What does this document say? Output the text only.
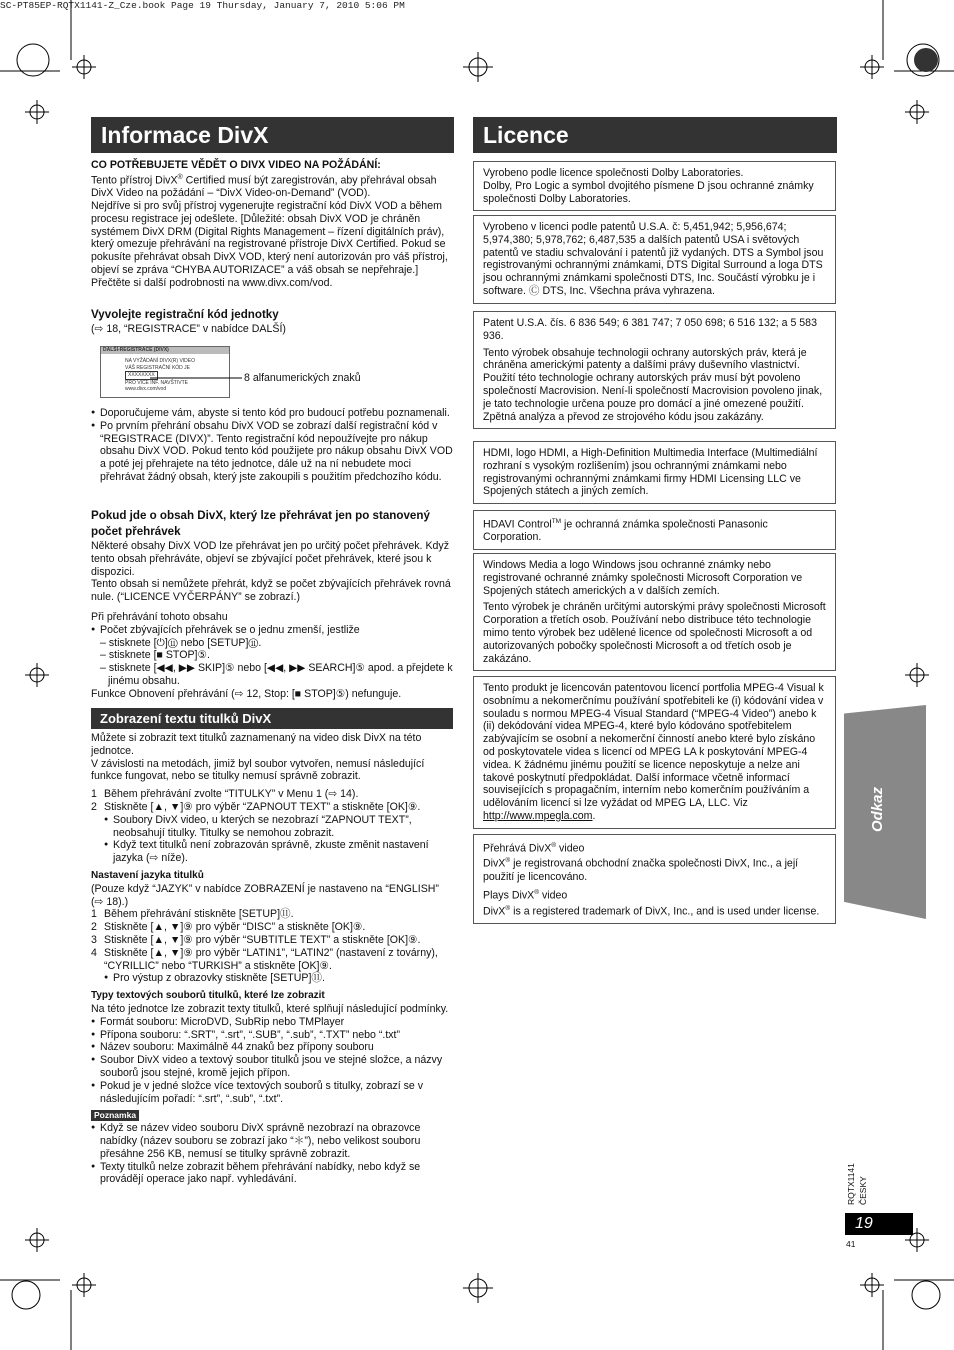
SC-PT85EP-RQTX1141-Z_Cze.book Page 19 Thursday, January 7, 2010 5:06 PM
Informace DivX

CO POTŘEBUJETE VĚDĚT O DIVX VIDEO NA POŽÁDÁNÍ:

Tento přístroj DivX® Certified musí být zaregistrován, aby přehrával obsah DivX Video na požádání – “DivX Video-on-Demand” (VOD).

Nejdříve si pro svůj přístroj vygenerujte registrační kód DivX VOD a během procesu registrace jej odešlete. [Důležité: obsah DivX VOD je chráněn systémem DivX DRM (Digital Rights Management – řízení digitálních práv), který omezuje přehrávání na registrované přístroje DivX Certified. Pokud se pokusíte přehrávat obsah DivX VOD, který není autorizován pro váš přístroj, objeví se zpráva “CHYBA AUTORIZACE” a váš obsah se nepřehraje.]

Přečtěte si další podrobnosti na www.divx.com/vod.

Vyvolejte registrační kód jednotky

(⇨ 18, “REGISTRACE” v nabídce DALŠÍ)

DALŠÍ-REGISTRACE (DIVX)
NA VYŽÁDÁNÍ DIVX(R) VIDEO
VÁŠ REGISTRAČNÍ KÓD JE
XXXXXXXX
PRO VÍCE INF. NAVŠTIVTE
www.divx.com/vod
8 alfanumerických znaků

● Doporučujeme vám, abyste si tento kód pro budoucí potřebu poznamenali.

● Po prvním přehrání obsahu DivX VOD se zobrazí další registrační kód v “REGISTRACE (DIVX)”. Tento registrační kód nepoužívejte pro nákup obsahu DivX VOD. Pokud tento kód použijete pro nákup obsahu DivX VOD a poté jej přehrajete na této jednotce, dále už na ní nebudete moci přehrávat žádný obsah, který jste zakoupili s použitím předchozího kódu.

Pokud jde o obsah DivX, který lze přehrávat jen po stanovený počet přehrávek

Některé obsahy DivX VOD lze přehrávat jen po určitý počet přehrávek. Když tento obsah přehráváte, objeví se zbývající počet přehrávek, které jsou k dispozici.

Tento obsah si nemůžete přehrát, když se počet zbývajících přehrávek rovná nule. (“LICENCE VYČERPÁNY” se zobrazí.)

Při přehrávání tohoto obsahu

● Počet zbývajících přehrávek se o jednu zmenší, jestliže

– stisknete [⏻]⑪ nebo [SETUP]⑪.

– stisknete [■ STOP]⑤.

– stisknete [◀◀, ▶▶ SKIP]⑤ nebo [◀◀, ▶▶ SEARCH]⑤ apod. a přejdete k jinému obsahu.

Funkce Obnovení přehrávání (⇨ 12, Stop: [■ STOP]⑤) nefunguje.

Zobrazení textu titulků DivX

Můžete si zobrazit text titulků zaznamenaný na video disk DivX na této jednotce.

V závislosti na metodách, jimiž byl soubor vytvořen, nemusí následující funkce fungovat, nebo se titulky nemusí správně zobrazit.

1 Během přehrávání zvolte “TITULKY” v Menu 1 (⇨ 14).

2 Stiskněte [▲, ▼]⑨ pro výběr “ZAPNOUT TEXT” a stiskněte [OK]⑨.

● Soubory DivX video, u kterých se nezobrazí “ZAPNOUT TEXT”, neobsahují titulky. Titulky se nemohou zobrazit.

● Když text titulků není zobrazován správně, zkuste změnit nastavení jazyka (⇨ níže).

Nastavení jazyka titulků

(Pouze když “JAZYK” v nabídce ZOBRAZENÍ je nastaveno na “ENGLISH” (⇨ 18).)

1 Během přehrávání stiskněte [SETUP]⑪.

2 Stiskněte [▲, ▼]⑨ pro výběr “DISC” a stiskněte [OK]⑨.

3 Stiskněte [▲, ▼]⑨ pro výběr “SUBTITLE TEXT” a stiskněte [OK]⑨.

4 Stiskněte [▲, ▼]⑨ pro výběr “LATIN1”, “LATIN2” (nastavení z továrny), “CYRILLIC” nebo “TURKISH” a stiskněte [OK]⑨.

● Pro výstup z obrazovky stiskněte [SETUP]⑪.

Typy textových souborů titulků, které lze zobrazit

Na této jednotce lze zobrazit texty titulků, které splňují následující podmínky.

● Formát souboru: MicroDVD, SubRip nebo TMPlayer

● Přípona souboru: “.SRT”, “.srt”, “.SUB”, “.sub”, “.TXT” nebo “.txt”

● Název souboru: Maximálně 44 znaků bez přípony souboru

● Soubor DivX video a textový soubor titulků jsou ve stejné složce, a názvy souborů jsou stejné, kromě jejich přípon.

● Pokud je v jedné složce více textových souborů s titulky, zobrazí se v následujícím pořadí: “.srt”, “.sub”, “.txt”.

Poznamka

● Když se název video souboru DivX správně nezobrazí na obrazovce nabídky (název souboru se zobrazí jako “＊”), nebo velikost souboru přesáhne 256 KB, nemusí se titulky správně zobrazit.

● Texty titulků nelze zobrazit během přehrávání nabídky, nebo když se provádějí operace jako např. vyhledávání.

Licence

Vyrobeno podle licence společnosti Dolby Laboratories.

Dolby, Pro Logic a symbol dvojitého písmene D jsou ochranné známky společnosti Dolby Laboratories.

Vyrobeno v licenci podle patentů U.S.A. č: 5,451,942; 5,956,674; 5,974,380; 5,978,762; 6,487,535 a dalších patentů USA i světových patentů ve stadiu schvalování i patentů již vydaných. DTS a Symbol jsou registrovanými ochrannými známkami, DTS Digital Surround a loga DTS jsou ochrannými známkami společnosti DTS, Inc. Součástí výrobku je i software. Ⓒ DTS, Inc. Všechna práva vyhrazena.

Patent U.S.A. čís. 6 836 549; 6 381 747; 7 050 698; 6 516 132; a 5 583 936.

Tento výrobek obsahuje technologii ochrany autorských práv, která je chráněna americkými patenty a dalšími právy duševního vlastnictví. Použití této technologie ochrany autorských práv musí být povoleno společností Macrovision. Není-li společností Macrovision povoleno jinak, je tato technologie určena pouze pro domácí a jiné omezené použití. Zpětná analýza a převod ze strojového kódu jsou zakázány.

HDMI, logo HDMI, a High-Definition Multimedia Interface (Multimediální rozhraní s vysokým rozlišením) jsou ochrannými známkami nebo registrovanými ochrannými známkami firmy HDMI Licensing LLC ve Spojených státech a jiných zemích.

HDAVI Control™ je ochranná známka společnosti Panasonic Corporation.

Windows Media a logo Windows jsou ochranné známky nebo registrované ochranné známky společnosti Microsoft Corporation ve Spojených státech amerických a v dalších zemích.

Tento výrobek je chráněn určitými autorskými právy společnosti Microsoft Corporation a třetích osob. Používání nebo distribuce této technologie mimo tento výrobek bez udělené licence od společnosti Microsoft a od autorizovaných pobočky společnosti Microsoft a od třetích osob je zakázáno.

Tento produkt je licencován patentovou licencí portfolia MPEG-4 Visual k osobnímu a nekomerčnímu používání spotřebiteli ke (i) kódování videa v souladu s normou MPEG-4 Visual Standard (“MPEG-4 Video”) anebo k (ii) dekódování videa MPEG-4, které bylo kódováno spotřebitelem zabývajícím se osobní a nekomerční činností anebo které bylo získáno od poskytovatele videa s licencí od MPEG LA k poskytování MPEG-4 videa. K žádnému jinému použití se licence neposkytuje a nelze ani takové poskytnutí předpokládat. Další informace včetně informací souvisejících s propagačním, interním nebo komerčním používáním a udělováním licencí si lze vyžádat od MPEG LA, LLC. Viz http://www.mpegla.com.

Přehrává DivX® video

DivX® je registrovaná obchodní značka společnosti DivX, Inc., a její použití je licencováno.

Plays DivX® video

DivX® is a registered trademark of DivX, Inc., and is used under license.

Odkaz
RQTX1141 ČESKY
19
41
